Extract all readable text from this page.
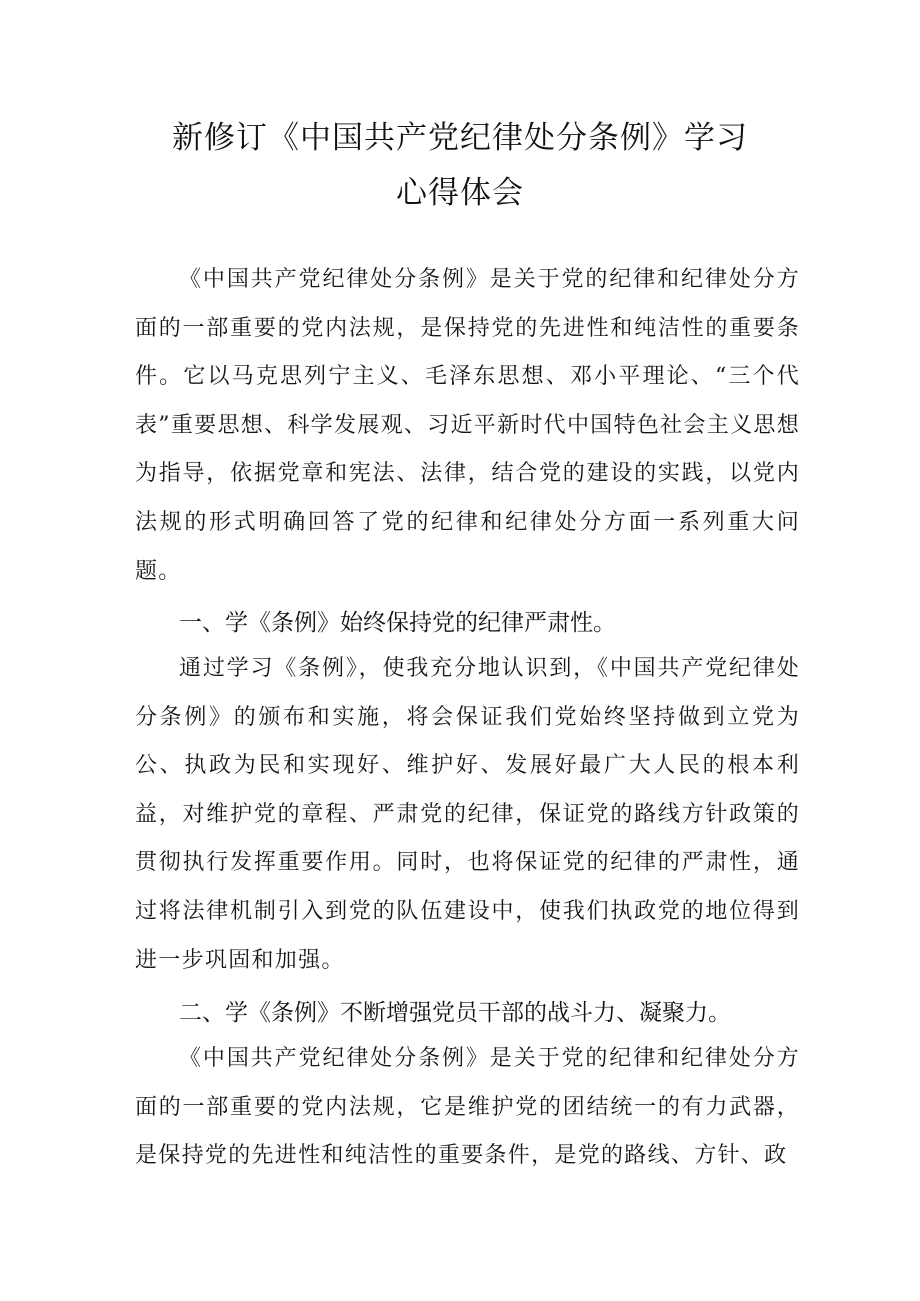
新修订《中国共产党纪律处分条例》学习
心得体会

《中国共产党纪律处分条例》是关于党的纪律和纪律处分方面的一部重要的党内法规，是保持党的先进性和纯洁性的重要条件。它以马克思列宁主义、毛泽东思想、邓小平理论、“三个代表”重要思想、科学发展观、习近平新时代中国特色社会主义思想为指导，依据党章和宪法、法律，结合党的建设的实践，以党内法规的形式明确回答了党的纪律和纪律处分方面一系列重大问题。

一、学《条例》始终保持党的纪律严肃性。

通过学习《条例》，使我充分地认识到，《中国共产党纪律处分条例》的颁布和实施，将会保证我们党始终坚持做到立党为公、执政为民和实现好、维护好、发展好最广大人民的根本利益，对维护党的章程、严肃党的纪律，保证党的路线方针政策的贯彻执行发挥重要作用。同时，也将保证党的纪律的严肃性，通过将法律机制引入到党的队伍建设中，使我们执政党的地位得到进一步巩固和加强。

二、学《条例》不断增强党员干部的战斗力、凝聚力。

《中国共产党纪律处分条例》是关于党的纪律和纪律处分方面的一部重要的党内法规，它是维护党的团结统一的有力武器，是保持党的先进性和纯洁性的重要条件，是党的路线、方针、政
